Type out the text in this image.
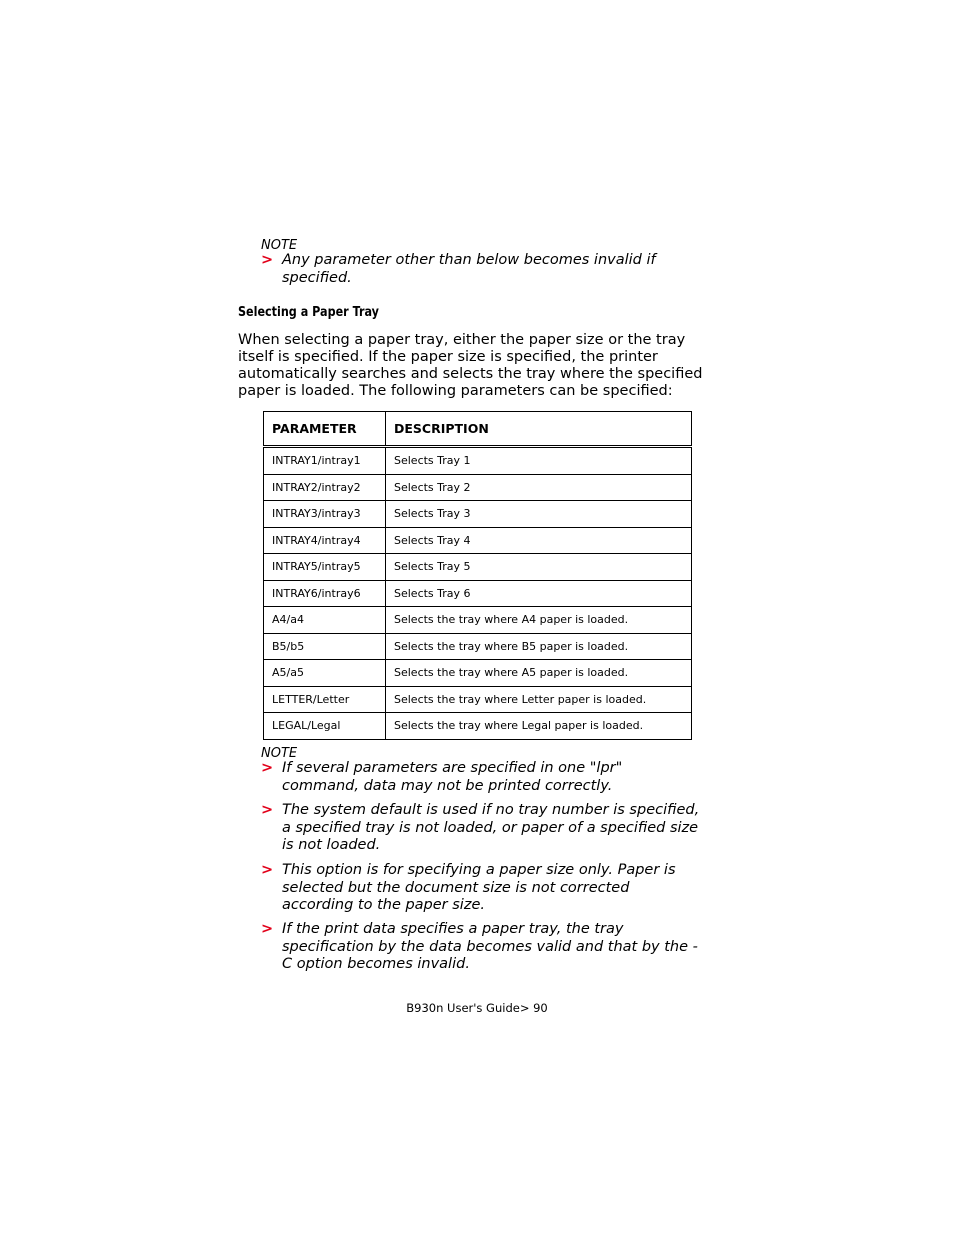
NOTE
> Any parameter other than below becomes invalid if specified.
Selecting a Paper Tray
When selecting a paper tray, either the paper size or the tray itself is specified. If the paper size is specified, the printer automatically searches and selects the tray where the specified paper is loaded. The following parameters can be specified:
PARAMETER	DESCRIPTION
INTRAY1/intray1	Selects Tray 1
INTRAY2/intray2	Selects Tray 2
INTRAY3/intray3	Selects Tray 3
INTRAY4/intray4	Selects Tray 4
INTRAY5/intray5	Selects Tray 5
INTRAY6/intray6	Selects Tray 6
A4/a4	Selects the tray where A4 paper is loaded.
B5/b5	Selects the tray where B5 paper is loaded.
A5/a5	Selects the tray where A5 paper is loaded.
LETTER/Letter	Selects the tray where Letter paper is loaded.
LEGAL/Legal	Selects the tray where Legal paper is loaded.
NOTE
> If several parameters are specified in one "lpr" command, data may not be printed correctly.
> The system default is used if no tray number is specified, a specified tray is not loaded, or paper of a specified size is not loaded.
> This option is for specifying a paper size only. Paper is selected but the document size is not corrected according to the paper size.
> If the print data specifies a paper tray, the tray specification by the data becomes valid and that by the -C option becomes invalid.
B930n User's Guide> 90
